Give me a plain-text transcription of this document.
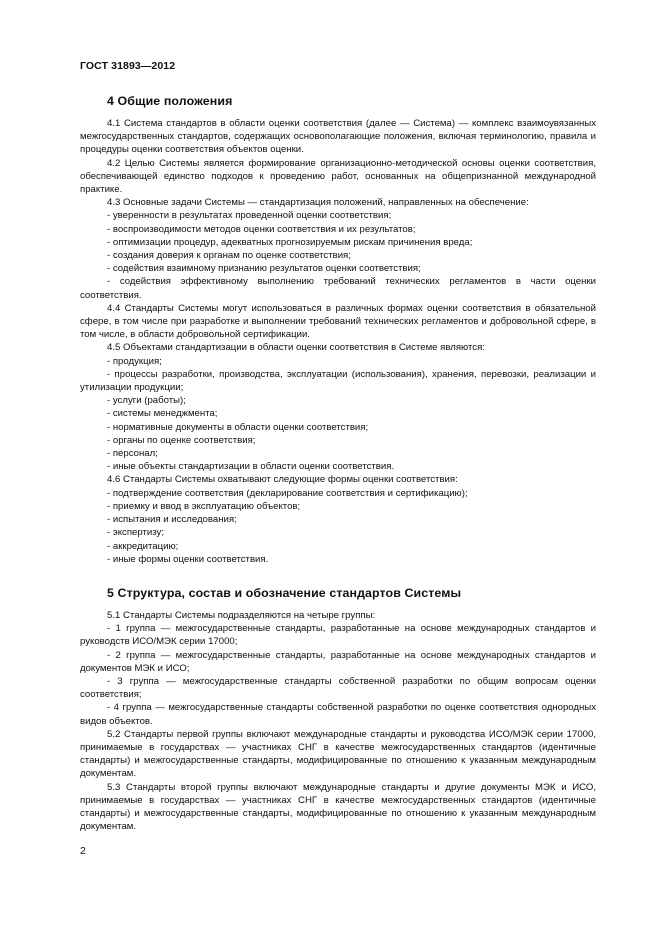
ГОСТ 31893—2012
4 Общие положения

4.1 Система стандартов в области оценки соответствия (далее — Система) — комплекс взаимоувязанных межгосударственных стандартов, содержащих основополагающие положения, включая терминологию, правила и процедуры оценки соответствия объектов оценки.

4.2 Целью Системы является формирование организационно-методической основы оценки соответствия, обеспечивающей единство подходов к проведению работ, основанных на общепризнанной международной практике.

4.3 Основные задачи Системы — стандартизация положений, направленных на обеспечение:

- уверенности в результатах проведенной оценки соответствия;

- воспроизводимости методов оценки соответствия и их результатов;

- оптимизации процедур, адекватных прогнозируемым рискам причинения вреда;

- создания доверия к органам по оценке соответствия;

- содействия взаимному признанию результатов оценки соответствия;

- содействия эффективному выполнению требований технических регламентов в части оценки соответствия.

4.4 Стандарты Системы могут использоваться в различных формах оценки соответствия в обязательной сфере, в том числе при разработке и выполнении требований технических регламентов и добровольной сфере, в том числе, в области добровольной сертификации.

4.5 Объектами стандартизации в области оценки соответствия в Системе являются:

- продукция;

- процессы разработки, производства, эксплуатации (использования), хранения, перевозки, реализации и утилизации продукции;

- услуги (работы);

- системы менеджмента;

- нормативные документы в области оценки соответствия;

- органы по оценке соответствия;

- персонал;

- иные объекты стандартизации в области оценки соответствия.

4.6 Стандарты Системы охватывают следующие формы оценки соответствия:

- подтверждение соответствия (декларирование соответствия и сертификацию);

- приемку и ввод в эксплуатацию объектов;

- испытания и исследования;

- экспертизу;

- аккредитацию;

- иные формы оценки соответствия.

5 Структура, состав и обозначение стандартов Системы

5.1 Стандарты Системы подразделяются на четыре группы:

- 1 группа — межгосударственные стандарты, разработанные на основе международных стандартов и руководств ИСО/МЭК серии 17000;

- 2 группа — межгосударственные стандарты, разработанные на основе международных стандартов и документов МЭК и ИСО;

- 3 группа — межгосударственные стандарты собственной разработки по общим вопросам оценки соответствия;

- 4 группа — межгосударственные стандарты собственной разработки по оценке соответствия однородных видов объектов.

5.2 Стандарты первой группы включают международные стандарты и руководства ИСО/МЭК серии 17000, принимаемые в государствах — участниках СНГ в качестве межгосударственных стандартов (идентичные стандарты) и межгосударственные стандарты, модифицированные по отношению к указанным международным документам.

5.3 Стандарты второй группы включают международные стандарты и другие документы МЭК и ИСО, принимаемые в государствах — участниках СНГ в качестве межгосударственных стандартов (идентичные стандарты) и межгосударственные стандарты, модифицированные по отношению к указанным международным документам.

2
